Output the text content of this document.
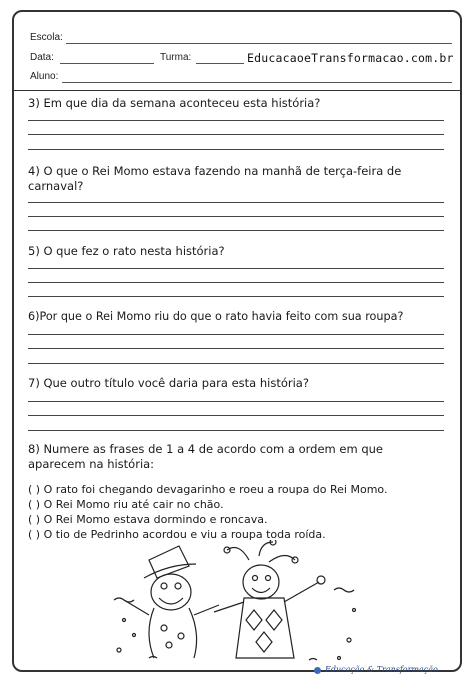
Escola:
Data:	Turma:	EducacaoeTransformacao.com.br
Aluno:
3) Em que dia da semana aconteceu esta história?
4) O que o Rei Momo estava fazendo na manhã de terça-feira de carnaval?
5) O que fez o rato nesta história?
6)Por que o Rei Momo riu do que o rato havia feito com sua roupa?
7) Que outro título você daria para esta história?
8) Numere as frases de 1 a 4 de acordo com a ordem em que aparecem na história:
( ) O rato foi chegando devagarinho e roeu a roupa do Rei Momo.
( ) O Rei Momo riu até cair no chão.
( ) O Rei Momo estava dormindo e roncava.
( ) O tio de Pedrinho acordou e viu a roupa toda roída.
Educação & Transformação
